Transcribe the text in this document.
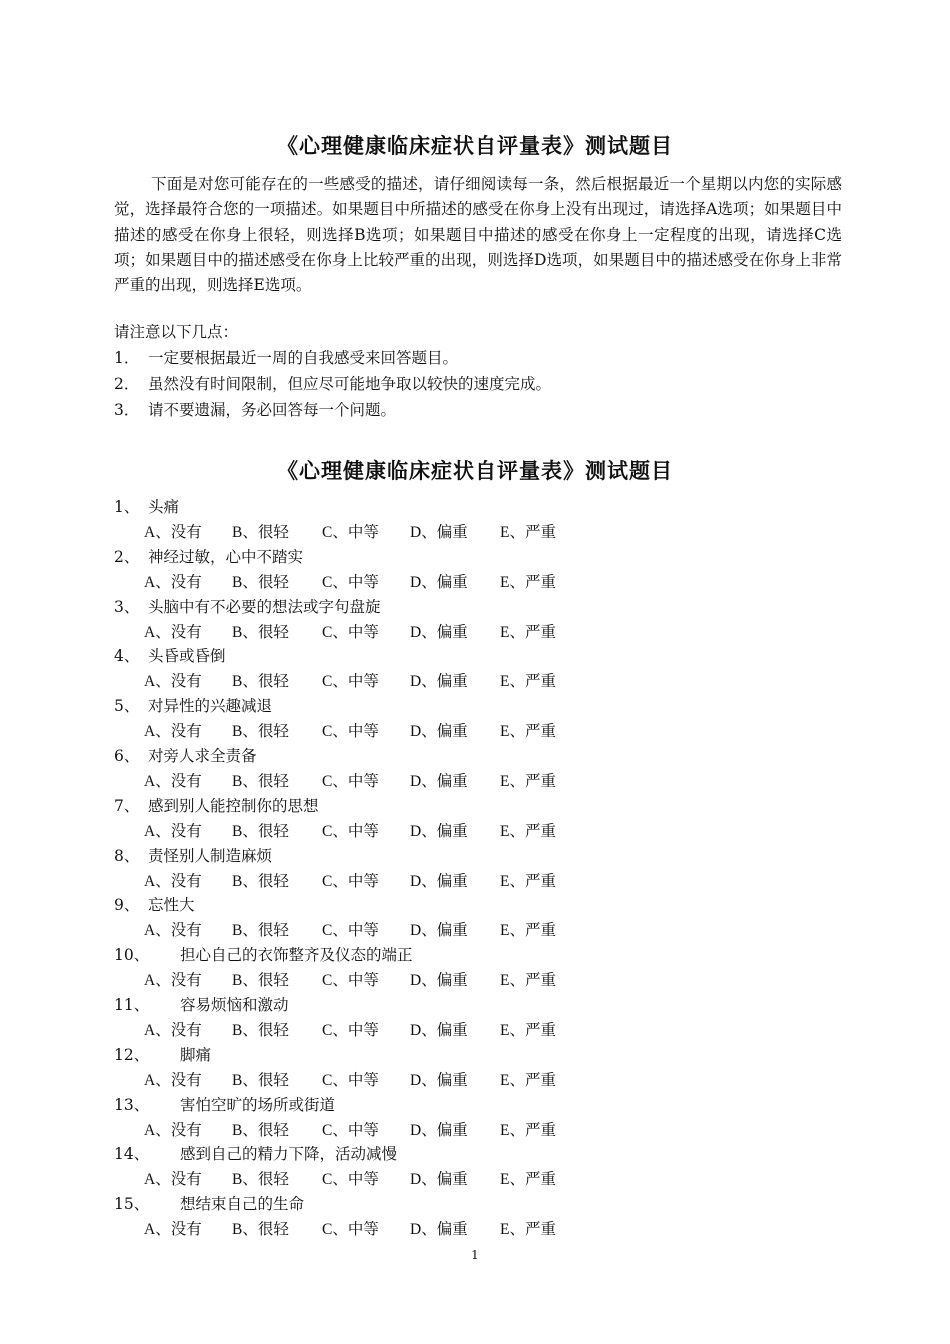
《心理健康临床症状自评量表》测试题目
下面是对您可能存在的一些感受的描述，请仔细阅读每一条，然后根据最近一个星期以内您的实际感觉，选择最符合您的一项描述。如果题目中所描述的感受在你身上没有出现过，请选择A选项；如果题目中描述的感受在你身上很轻，则选择B选项；如果题目中描述的感受在你身上一定程度的出现，请选择C选项；如果题目中的描述感受在你身上比较严重的出现，则选择D选项，如果题目中的描述感受在你身上非常严重的出现，则选择E选项。
请注意以下几点：
1． 一定要根据最近一周的自我感受来回答题目。
2． 虽然没有时间限制，但应尽可能地争取以较快的速度完成。
3． 请不要遗漏，务必回答每一个问题。
《心理健康临床症状自评量表》测试题目
1、 头痛
A、没有 B、很轻 C、中等 D、偏重 E、严重
2、 神经过敏，心中不踏实
A、没有 B、很轻 C、中等 D、偏重 E、严重
3、 头脑中有不必要的想法或字句盘旋
A、没有 B、很轻 C、中等 D、偏重 E、严重
4、 头昏或昏倒
A、没有 B、很轻 C、中等 D、偏重 E、严重
5、 对异性的兴趣减退
A、没有 B、很轻 C、中等 D、偏重 E、严重
6、 对旁人求全责备
A、没有 B、很轻 C、中等 D、偏重 E、严重
7、 感到别人能控制你的思想
A、没有 B、很轻 C、中等 D、偏重 E、严重
8、 责怪别人制造麻烦
A、没有 B、很轻 C、中等 D、偏重 E、严重
9、 忘性大
A、没有 B、很轻 C、中等 D、偏重 E、严重
10、 担心自己的衣饰整齐及仪态的端正
A、没有 B、很轻 C、中等 D、偏重 E、严重
11、 容易烦恼和激动
A、没有 B、很轻 C、中等 D、偏重 E、严重
12、 脚痛
A、没有 B、很轻 C、中等 D、偏重 E、严重
13、 害怕空旷的场所或街道
A、没有 B、很轻 C、中等 D、偏重 E、严重
14、 感到自己的精力下降，活动减慢
A、没有 B、很轻 C、中等 D、偏重 E、严重
15、 想结束自己的生命
A、没有 B、很轻 C、中等 D、偏重 E、严重
1
